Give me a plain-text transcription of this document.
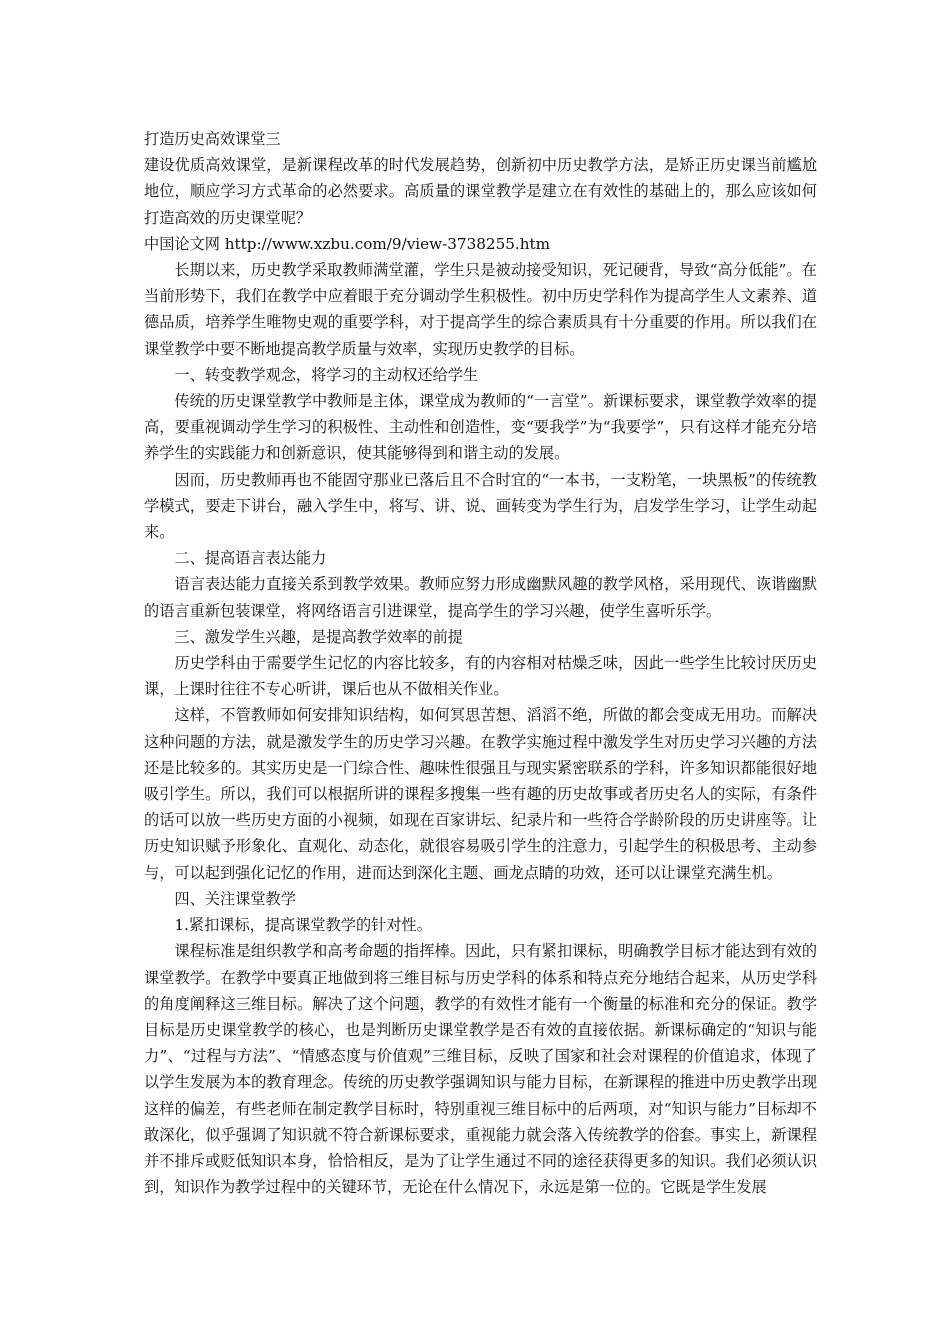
打造历史高效课堂三

建设优质高效课堂，是新课程改革的时代发展趋势，创新初中历史教学方法，是矫正历史课当前尴尬地位，顺应学习方式革命的必然要求。高质量的课堂教学是建立在有效性的基础上的，那么应该如何打造高效的历史课堂呢？

中国论文网 http://www.xzbu.com/9/view-3738255.htm

长期以来，历史教学采取教师满堂灌，学生只是被动接受知识，死记硬背，导致“高分低能”。在当前形势下，我们在教学中应着眼于充分调动学生积极性。初中历史学科作为提高学生人文素养、道德品质，培养学生唯物史观的重要学科，对于提高学生的综合素质具有十分重要的作用。所以我们在课堂教学中要不断地提高教学质量与效率，实现历史教学的目标。

一、转变教学观念，将学习的主动权还给学生

传统的历史课堂教学中教师是主体，课堂成为教师的“一言堂”。新课标要求，课堂教学效率的提高，要重视调动学生学习的积极性、主动性和创造性，变“要我学”为“我要学”，只有这样才能充分培养学生的实践能力和创新意识，使其能够得到和谐主动的发展。

因而，历史教师再也不能固守那业已落后且不合时宜的“一本书，一支粉笔，一块黑板”的传统教学模式，要走下讲台，融入学生中，将写、讲、说、画转变为学生行为，启发学生学习，让学生动起来。

二、提高语言表达能力

语言表达能力直接关系到教学效果。教师应努力形成幽默风趣的教学风格，采用现代、诙谐幽默的语言重新包装课堂，将网络语言引进课堂，提高学生的学习兴趣，使学生喜听乐学。

三、激发学生兴趣，是提高教学效率的前提

历史学科由于需要学生记忆的内容比较多，有的内容相对枯燥乏味，因此一些学生比较讨厌历史课，上课时往往不专心听讲，课后也从不做相关作业。

这样，不管教师如何安排知识结构，如何冥思苦想、滔滔不绝，所做的都会变成无用功。而解决这种问题的方法，就是激发学生的历史学习兴趣。在教学实施过程中激发学生对历史学习兴趣的方法还是比较多的。其实历史是一门综合性、趣味性很强且与现实紧密联系的学科，许多知识都能很好地吸引学生。所以，我们可以根据所讲的课程多搜集一些有趣的历史故事或者历史名人的实际，有条件的话可以放一些历史方面的小视频，如现在百家讲坛、纪录片和一些符合学龄阶段的历史讲座等。让历史知识赋予形象化、直观化、动态化，就很容易吸引学生的注意力，引起学生的积极思考、主动参与，可以起到强化记忆的作用，进而达到深化主题、画龙点睛的功效，还可以让课堂充满生机。

四、关注课堂教学

1.紧扣课标，提高课堂教学的针对性。

课程标准是组织教学和高考命题的指挥棒。因此，只有紧扣课标，明确教学目标才能达到有效的课堂教学。在教学中要真正地做到将三维目标与历史学科的体系和特点充分地结合起来，从历史学科的角度阐释这三维目标。解决了这个问题，教学的有效性才能有一个衡量的标准和充分的保证。教学目标是历史课堂教学的核心，也是判断历史课堂教学是否有效的直接依据。新课标确定的“知识与能力”、“过程与方法”、“情感态度与价值观”三维目标，反映了国家和社会对课程的价值追求，体现了以学生发展为本的教育理念。传统的历史教学强调知识与能力目标，在新课程的推进中历史教学出现这样的偏差，有些老师在制定教学目标时，特别重视三维目标中的后两项，对“知识与能力”目标却不敢深化，似乎强调了知识就不符合新课标要求，重视能力就会落入传统教学的俗套。事实上，新课程并不排斥或贬低知识本身，恰恰相反，是为了让学生通过不同的途径获得更多的知识。我们必须认识到，知识作为教学过程中的关键环节，无论在什么情况下，永远是第一位的。它既是学生发展
